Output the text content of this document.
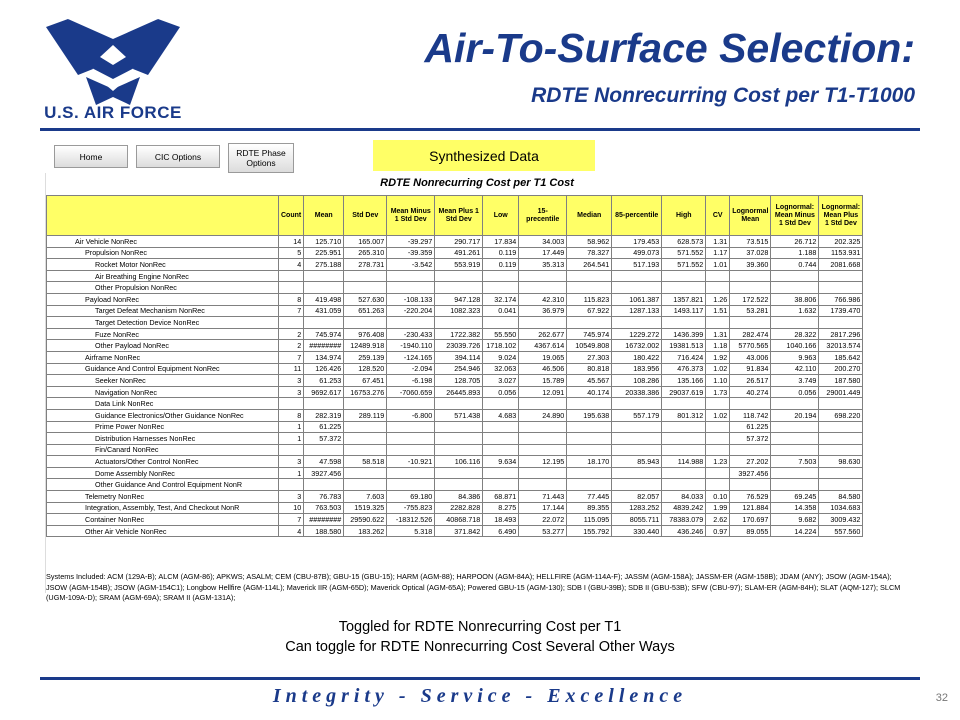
U.S. AIR FORCE
Air-To-Surface Selection:
RDTE Nonrecurring Cost per T1-T1000
Home	CIC Options	RDTE Phase
Options	Synthesized Data
RDTE Nonrecurring Cost per T1 Cost
	Count	Mean	Std Dev	Mean Minus 1 Std Dev	Mean Plus 1 Std Dev	Low	15-precentile	Median	85-percentile	High	CV	Lognormal Mean	Lognormal: Mean Minus 1 Std Dev	Lognormal: Mean Plus 1 Std Dev
Air Vehicle NonRec	14	125.710	165.007	-39.297	290.717	17.834	34.003	58.962	179.453	628.573	1.31	73.515	26.712	202.325
Propulsion NonRec	5	225.951	265.310	-39.359	491.261	0.119	17.449	78.327	499.073	571.552	1.17	37.028	1.188	1153.931
Rocket Motor NonRec	4	275.188	278.731	-3.542	553.919	0.119	35.313	264.541	517.193	571.552	1.01	39.360	0.744	2081.668
Air Breathing Engine NonRec														
Other Propulsion NonRec														
Payload NonRec	8	419.498	527.630	-108.133	947.128	32.174	42.310	115.823	1061.387	1357.821	1.26	172.522	38.806	766.986
Target Defeat Mechanism NonRec	7	431.059	651.263	-220.204	1082.323	0.041	36.979	67.922	1287.133	1493.117	1.51	53.281	1.632	1739.470
Target Detection Device NonRec														
Fuze NonRec	2	745.974	976.408	-230.433	1722.382	55.550	262.677	745.974	1229.272	1436.399	1.31	282.474	28.322	2817.296
Other Payload NonRec	2	########	12489.918	-1940.110	23039.726	1718.102	4367.614	10549.808	16732.002	19381.513	1.18	5770.565	1040.166	32013.574
Airframe NonRec	7	134.974	259.139	-124.165	394.114	9.024	19.065	27.303	180.422	716.424	1.92	43.006	9.963	185.642
Guidance And Control Equipment NonRec	11	126.426	128.520	-2.094	254.946	32.063	46.506	80.818	183.956	476.373	1.02	91.834	42.110	200.270
Seeker NonRec	3	61.253	67.451	-6.198	128.705	3.027	15.789	45.567	108.286	135.166	1.10	26.517	3.749	187.580
Navigation NonRec	3	9692.617	16753.276	-7060.659	26445.893	0.056	12.091	40.174	20338.386	29037.619	1.73	40.274	0.056	29001.449
Data Link NonRec														
Guidance Electronics/Other Guidance NonRec	8	282.319	289.119	-6.800	571.438	4.683	24.890	195.638	557.179	801.312	1.02	118.742	20.194	698.220
Prime Power NonRec	1	61.225										61.225		
Distribution Harnesses NonRec	1	57.372										57.372		
Fin/Canard NonRec														
Actuators/Other Control NonRec	3	47.598	58.518	-10.921	106.116	9.634	12.195	18.170	85.943	114.988	1.23	27.202	7.503	98.630
Dome Assembly NonRec	1	3927.456										3927.456		
Other Guidance And Control Equipment NonR														
Telemetry NonRec	3	76.783	7.603	69.180	84.386	68.871	71.443	77.445	82.057	84.033	0.10	76.529	69.245	84.580
Integration, Assembly, Test, And Checkout NonR	10	763.503	1519.325	-755.823	2282.828	8.275	17.144	89.355	1283.252	4839.242	1.99	121.884	14.358	1034.683
Container NonRec	7	########	29590.622	-18312.526	40868.718	18.493	22.072	115.095	8055.711	78383.079	2.62	170.697	9.682	3009.432
Other Air Vehicle NonRec	4	188.580	183.262	5.318	371.842	6.490	53.277	155.792	330.440	436.246	0.97	89.055	14.224	557.560
Systems Included: ACM (129A-B); ALCM (AGM-86); APKWS; ASALM; CEM (CBU-87B); GBU-15 (GBU-15); HARM (AGM-88); HARPOON (AGM-84A); HELLFIRE (AGM-114A-F); JASSM (AGM-158A); JASSM-ER (AGM-158B); JDAM (ANY); JSOW (AGM-154A); JSOW (AGM-154B); JSOW (AGM-154C1); Longbow Hellfire (AGM-114L); Maverick IIR (AGM-65D); Maverick Optical (AGM-65A); Powered GBU-15 (AGM-130); SDB I (GBU-39B); SDB II (GBU-53B); SFW (CBU-97); SLAM-ER (AGM-84H); SLAT (AQM-127); SLCM (UGM-109A-D); SRAM (AGM-69A); SRAM II (AGM-131A);
Toggled for RDTE Nonrecurring Cost per T1
Can toggle for RDTE Nonrecurring Cost Several Other Ways
Integrity - Service - Excellence	32
